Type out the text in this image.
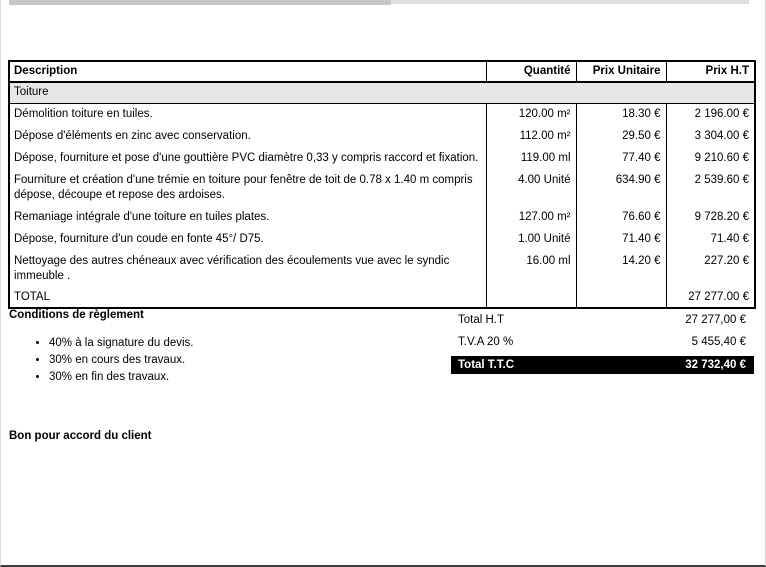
Description	Quantité	Prix Unitaire	Prix H.T
Toiture			
Démolition toiture en tuiles.	120.00 m²	18.30 €	2 196.00 €
Dépose d'éléments en zinc avec conservation.	112.00 m²	29.50 €	3 304.00 €
Dépose, fourniture et pose d'une gouttière PVC diamètre 0,33 y compris raccord et fixation.	119.00 ml	77.40 €	9 210.60 €
Fourniture et création d'une trémie en toiture pour fenêtre de toit de 0.78 x 1.40 m compris dépose, découpe et repose des ardoises.	4.00 Unité	634.90 €	2 539.60 €
Remaniage intégrale d'une toiture en tuiles plates.	127.00 m²	76.60 €	9 728.20 €
Dépose, fourniture d'un coude en fonte 45°/ D75.	1.00 Unité	71.40 €	71.40 €
Nettoyage des autres chéneaux avec vérification des écoulements vue avec le syndic immeuble .	16.00 ml	14.20 €	227.20 €
TOTAL			27 277.00 €
Conditions de règlement
• 40% à la signature du devis.
• 30% en cours des travaux.
• 30% en fin des travaux.
Total H.T	27 277,00 €
T.V.A 20 %	5 455,40 €
Total T.T.C	32 732,40 €
Bon pour accord du client
